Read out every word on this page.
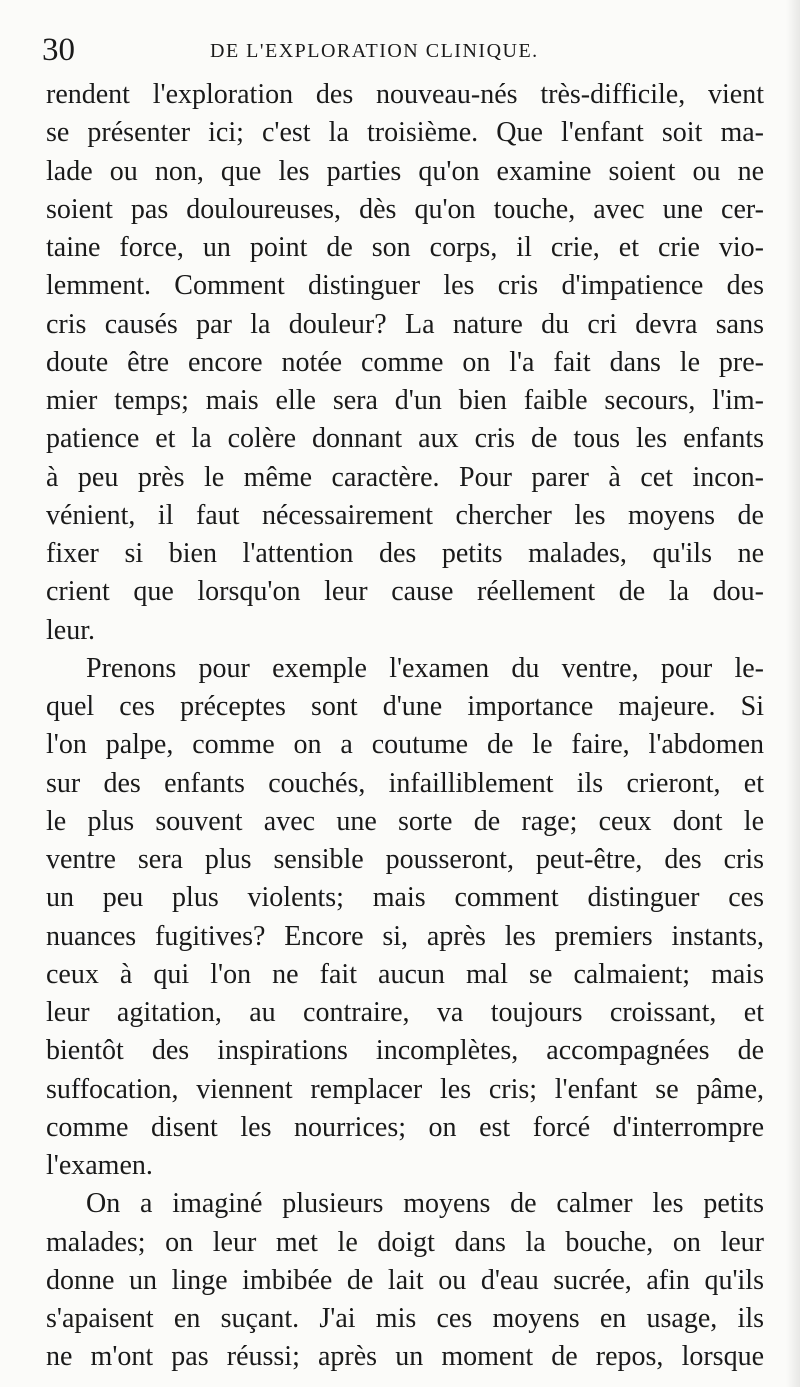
30	DE L'EXPLORATION CLINIQUE.
rendent l'exploration des nouveau-nés très-difficile, vient
se présenter ici; c'est la troisième. Que l'enfant soit ma-
lade ou non, que les parties qu'on examine soient ou ne
soient pas douloureuses, dès qu'on touche, avec une cer-
taine force, un point de son corps, il crie, et crie vio-
lemment. Comment distinguer les cris d'impatience des
cris causés par la douleur? La nature du cri devra sans
doute être encore notée comme on l'a fait dans le pre-
mier temps; mais elle sera d'un bien faible secours, l'im-
patience et la colère donnant aux cris de tous les enfants
à peu près le même caractère. Pour parer à cet incon-
vénient, il faut nécessairement chercher les moyens de
fixer si bien l'attention des petits malades, qu'ils ne
crient que lorsqu'on leur cause réellement de la dou-
leur.
Prenons pour exemple l'examen du ventre, pour le-
quel ces préceptes sont d'une importance majeure. Si
l'on palpe, comme on a coutume de le faire, l'abdomen
sur des enfants couchés, infailliblement ils crieront, et
le plus souvent avec une sorte de rage; ceux dont le
ventre sera plus sensible pousseront, peut-être, des cris
un peu plus violents; mais comment distinguer ces
nuances fugitives? Encore si, après les premiers instants,
ceux à qui l'on ne fait aucun mal se calmaient; mais
leur agitation, au contraire, va toujours croissant, et
bientôt des inspirations incomplètes, accompagnées de
suffocation, viennent remplacer les cris; l'enfant se pâme,
comme disent les nourrices; on est forcé d'interrompre
l'examen.
On a imaginé plusieurs moyens de calmer les petits
malades; on leur met le doigt dans la bouche, on leur
donne un linge imbibée de lait ou d'eau sucrée, afin qu'ils
s'apaisent en suçant. J'ai mis ces moyens en usage, ils
ne m'ont pas réussi; après un moment de repos, lorsque
